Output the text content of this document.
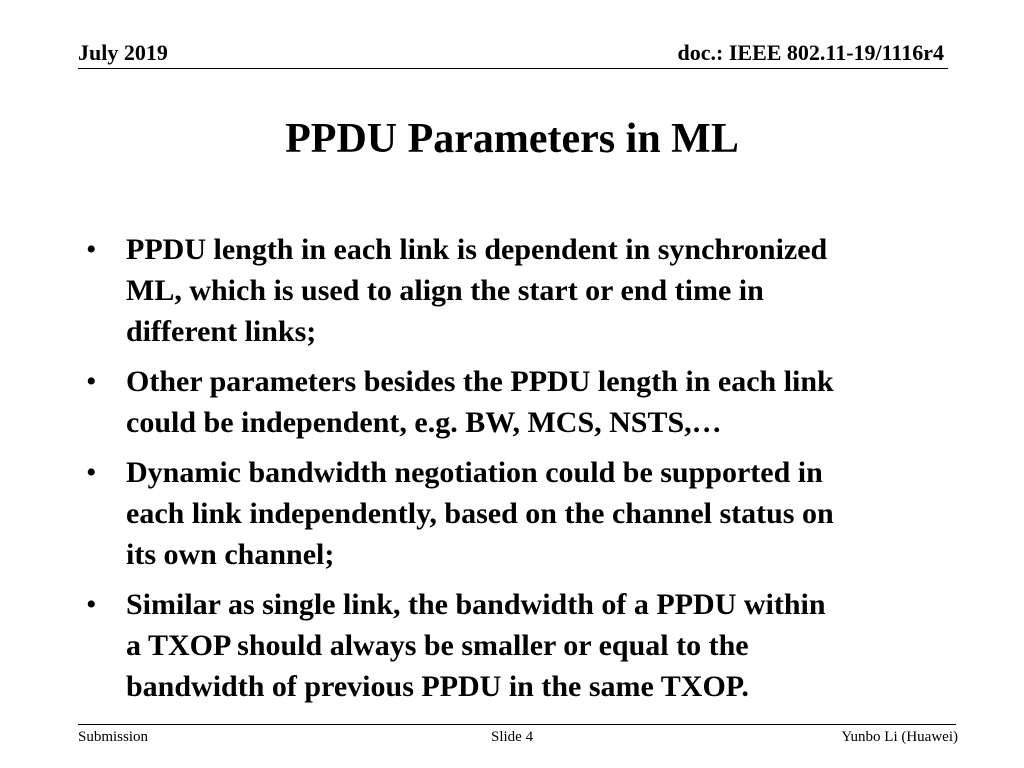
July 2019	doc.: IEEE 802.11-19/1116r4
PPDU Parameters in ML
• PPDU length in each link is dependent in synchronized
ML, which is used to align the start or end time in
different links;
• Other parameters besides the PPDU length in each link
could be independent, e.g. BW, MCS, NSTS,…
• Dynamic bandwidth negotiation could be supported in
each link independently, based on the channel status on
its own channel;
• Similar as single link, the bandwidth of a PPDU within
a TXOP should always be smaller or equal to the
bandwidth of previous PPDU in the same TXOP.
Submission	Slide 4	Yunbo Li (Huawei)
